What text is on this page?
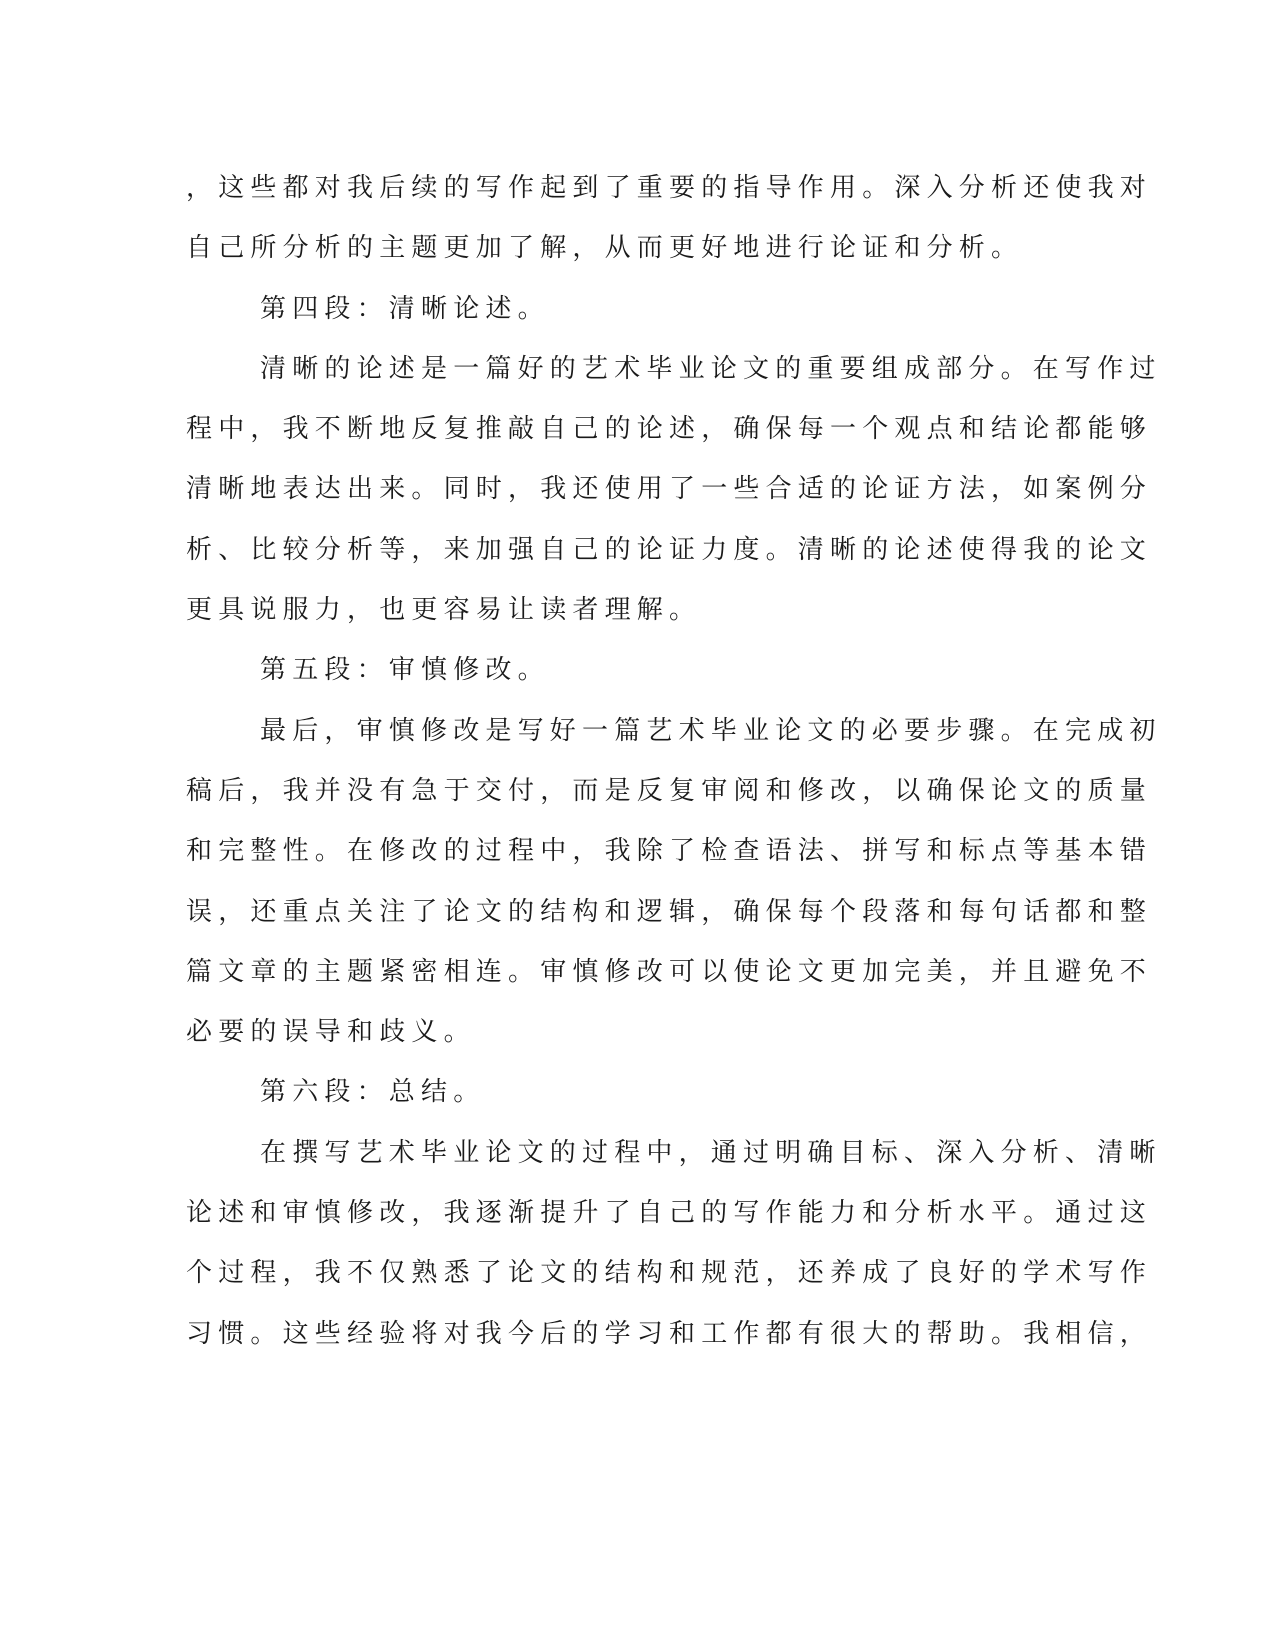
，这些都对我后续的写作起到了重要的指导作用。深入分析还使我对
自己所分析的主题更加了解，从而更好地进行论证和分析。
第四段：清晰论述。
清晰的论述是一篇好的艺术毕业论文的重要组成部分。在写作过
程中，我不断地反复推敲自己的论述，确保每一个观点和结论都能够
清晰地表达出来。同时，我还使用了一些合适的论证方法，如案例分
析、比较分析等，来加强自己的论证力度。清晰的论述使得我的论文
更具说服力，也更容易让读者理解。
第五段：审慎修改。
最后，审慎修改是写好一篇艺术毕业论文的必要步骤。在完成初
稿后，我并没有急于交付，而是反复审阅和修改，以确保论文的质量
和完整性。在修改的过程中，我除了检查语法、拼写和标点等基本错
误，还重点关注了论文的结构和逻辑，确保每个段落和每句话都和整
篇文章的主题紧密相连。审慎修改可以使论文更加完美，并且避免不
必要的误导和歧义。
第六段：总结。
在撰写艺术毕业论文的过程中，通过明确目标、深入分析、清晰
论述和审慎修改，我逐渐提升了自己的写作能力和分析水平。通过这
个过程，我不仅熟悉了论文的结构和规范，还养成了良好的学术写作
习惯。这些经验将对我今后的学习和工作都有很大的帮助。我相信，
